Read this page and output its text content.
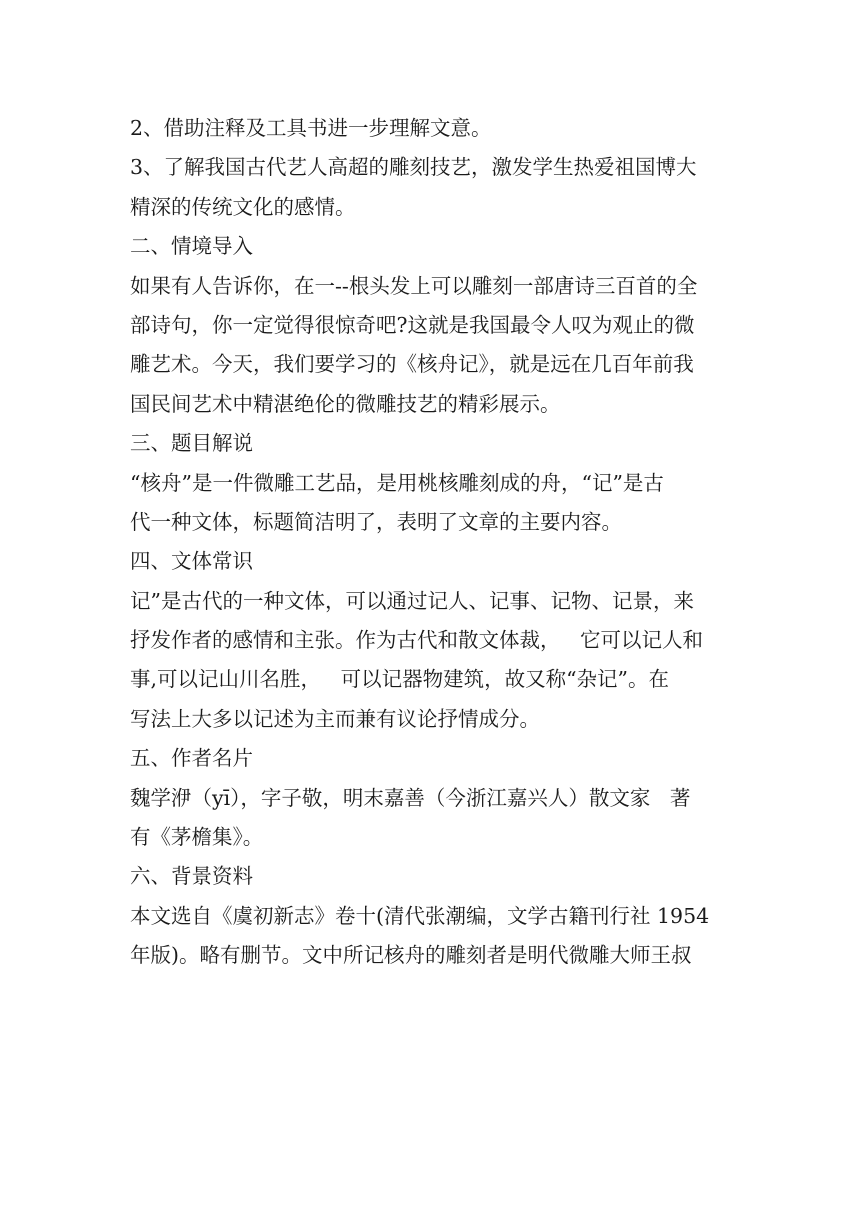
2、借助注释及工具书进一步理解文意。
3、了解我国古代艺人高超的雕刻技艺，激发学生热爱祖国博大
精深的传统文化的感情。
二、情境导入
如果有人告诉你，在一--根头发上可以雕刻一部唐诗三百首的全
部诗句，你一定觉得很惊奇吧?这就是我国最令人叹为观止的微
雕艺术。今天，我们要学习的《核舟记》，就是远在几百年前我
国民间艺术中精湛绝伦的微雕技艺的精彩展示。
三、题目解说
“核舟”是一件微雕工艺品，是用桃核雕刻成的舟，“记”是古
代一种文体，标题简洁明了，表明了文章的主要内容。
四、文体常识
记”是古代的一种文体，可以通过记人、记事、记物、记景，来
抒发作者的感情和主张。作为古代和散文体裁，   它可以记人和
事,可以记山川名胜，   可以记器物建筑，故又称“杂记”。在
写法上大多以记述为主而兼有议论抒情成分。
五、作者名片
魏学洢（yī），字子敬，明末嘉善（今浙江嘉兴人）散文家   著
有《茅檐集》。
六、背景资料
本文选自《虞初新志》卷十(清代张潮编，文学古籍刊行社 1954
年版)。略有删节。文中所记核舟的雕刻者是明代微雕大师王叔
